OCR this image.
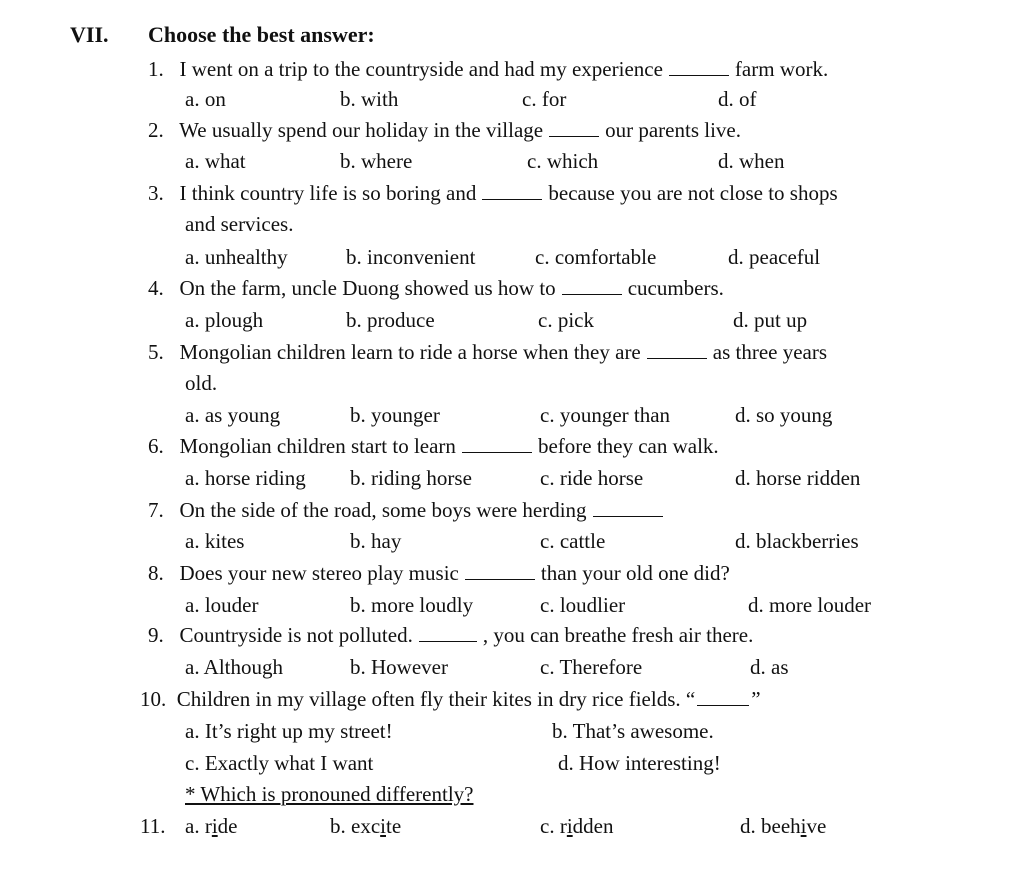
VII. Choose the best answer:
1. I went on a trip to the countryside and had my experience	farm work.
a. on	b. with	c. for	d. of
2. We usually spend our holiday in the village	our parents live.
a. what	b. where	c. which	d. when
3. I think country life is so boring and	because you are not close to shops
and services.
a. unhealthy	b. inconvenient	c. comfortable	d. peaceful
4. On the farm, uncle Duong showed us how to	cucumbers.
a. plough	b. produce	c. pick	d. put up
5. Mongolian children learn to ride a horse when they are	as three years
old.
a. as young	b. younger	c. younger than	d. so young
6. Mongolian children start to learn	before they can walk.
a. horse riding b. riding horse	c. ride horse	d. horse ridden
7. On the side of the road, some boys were herding
a. kites	b. hay	c. cattle	d. blackberries
8. Does your new stereo play music	than your old one did?
a. louder	b. more loudly	c. loudlier	d. more louder
9. Countryside is not polluted.	, you can breathe fresh air there.
a. Although	b. However	c. Therefore	d. as
10. Children in my village often fly their kites in dry rice fields. “	”
a. It’s right up my street!	b. That’s awesome.
c. Exactly what I want	d. How interesting!
* Which is pronouned differently?
11. a. ride	b. excite	c. ridden	d. beehive
